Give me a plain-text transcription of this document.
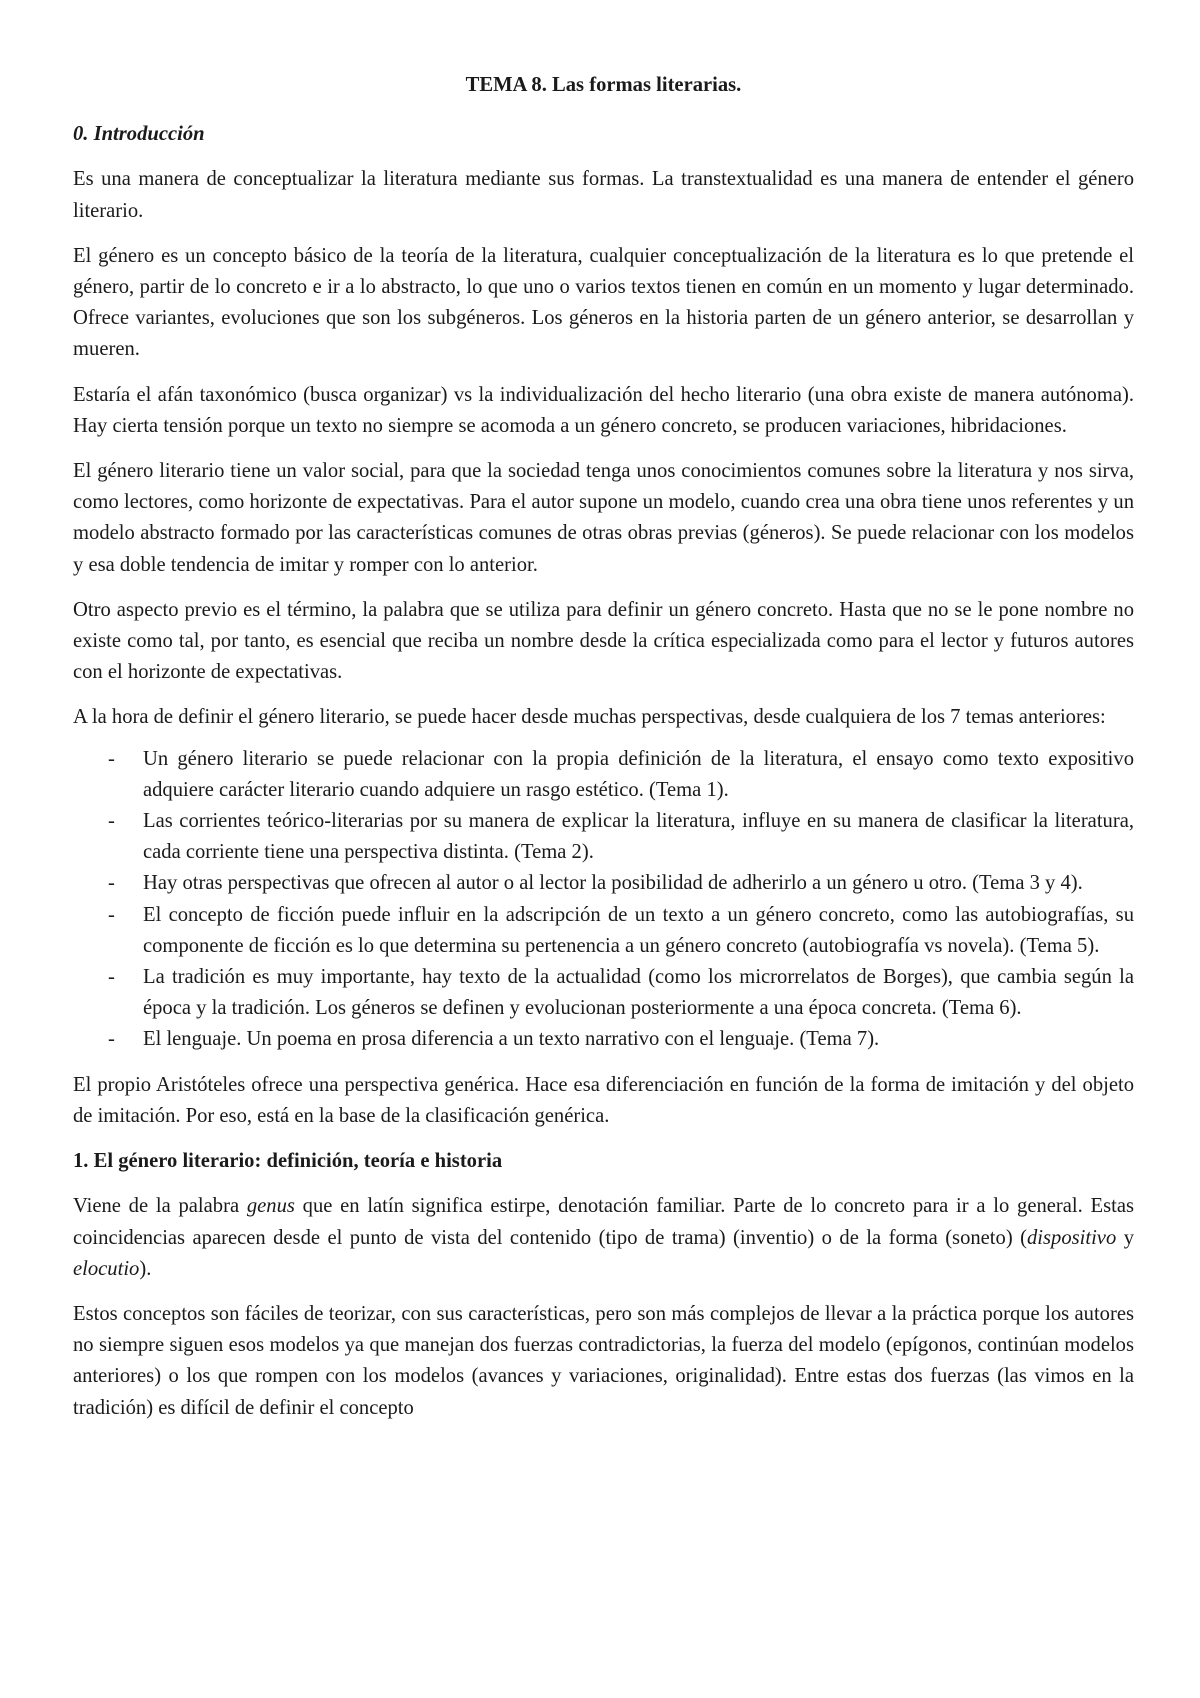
TEMA 8. Las formas literarias.
0. Introducción

Es una manera de conceptualizar la literatura mediante sus formas. La transtextualidad es una manera de entender el género literario.

El género es un concepto básico de la teoría de la literatura, cualquier conceptualización de la literatura es lo que pretende el género, partir de lo concreto e ir a lo abstracto, lo que uno o varios textos tienen en común en un momento y lugar determinado. Ofrece variantes, evoluciones que son los subgéneros. Los géneros en la historia parten de un género anterior, se desarrollan y mueren.

Estaría el afán taxonómico (busca organizar) vs la individualización del hecho literario (una obra existe de manera autónoma). Hay cierta tensión porque un texto no siempre se acomoda a un género concreto, se producen variaciones, hibridaciones.

El género literario tiene un valor social, para que la sociedad tenga unos conocimientos comunes sobre la literatura y nos sirva, como lectores, como horizonte de expectativas. Para el autor supone un modelo, cuando crea una obra tiene unos referentes y un modelo abstracto formado por las características comunes de otras obras previas (géneros). Se puede relacionar con los modelos y esa doble tendencia de imitar y romper con lo anterior.

Otro aspecto previo es el término, la palabra que se utiliza para definir un género concreto. Hasta que no se le pone nombre no existe como tal, por tanto, es esencial que reciba un nombre desde la crítica especializada como para el lector y futuros autores con el horizonte de expectativas.

A la hora de definir el género literario, se puede hacer desde muchas perspectivas, desde cualquiera de los 7 temas anteriores:

- Un género literario se puede relacionar con la propia definición de la literatura, el ensayo como texto expositivo adquiere carácter literario cuando adquiere un rasgo estético. (Tema 1).
- Las corrientes teórico-literarias por su manera de explicar la literatura, influye en su manera de clasificar la literatura, cada corriente tiene una perspectiva distinta. (Tema 2).
- Hay otras perspectivas que ofrecen al autor o al lector la posibilidad de adherirlo a un género u otro. (Tema 3 y 4).
- El concepto de ficción puede influir en la adscripción de un texto a un género concreto, como las autobiografías, su componente de ficción es lo que determina su pertenencia a un género concreto (autobiografía vs novela). (Tema 5).
- La tradición es muy importante, hay texto de la actualidad (como los microrrelatos de Borges), que cambia según la época y la tradición. Los géneros se definen y evolucionan posteriormente a una época concreta. (Tema 6).
- El lenguaje. Un poema en prosa diferencia a un texto narrativo con el lenguaje. (Tema 7).

El propio Aristóteles ofrece una perspectiva genérica. Hace esa diferenciación en función de la forma de imitación y del objeto de imitación. Por eso, está en la base de la clasificación genérica.

1. El género literario: definición, teoría e historia

Viene de la palabra genus que en latín significa estirpe, denotación familiar. Parte de lo concreto para ir a lo general. Estas coincidencias aparecen desde el punto de vista del contenido (tipo de trama) (inventio) o de la forma (soneto) (dispositivo y elocutio).

Estos conceptos son fáciles de teorizar, con sus características, pero son más complejos de llevar a la práctica porque los autores no siempre siguen esos modelos ya que manejan dos fuerzas contradictorias, la fuerza del modelo (epígonos, continúan modelos anteriores) o los que rompen con los modelos (avances y variaciones, originalidad). Entre estas dos fuerzas (las vimos en la tradición) es difícil de definir el concepto
